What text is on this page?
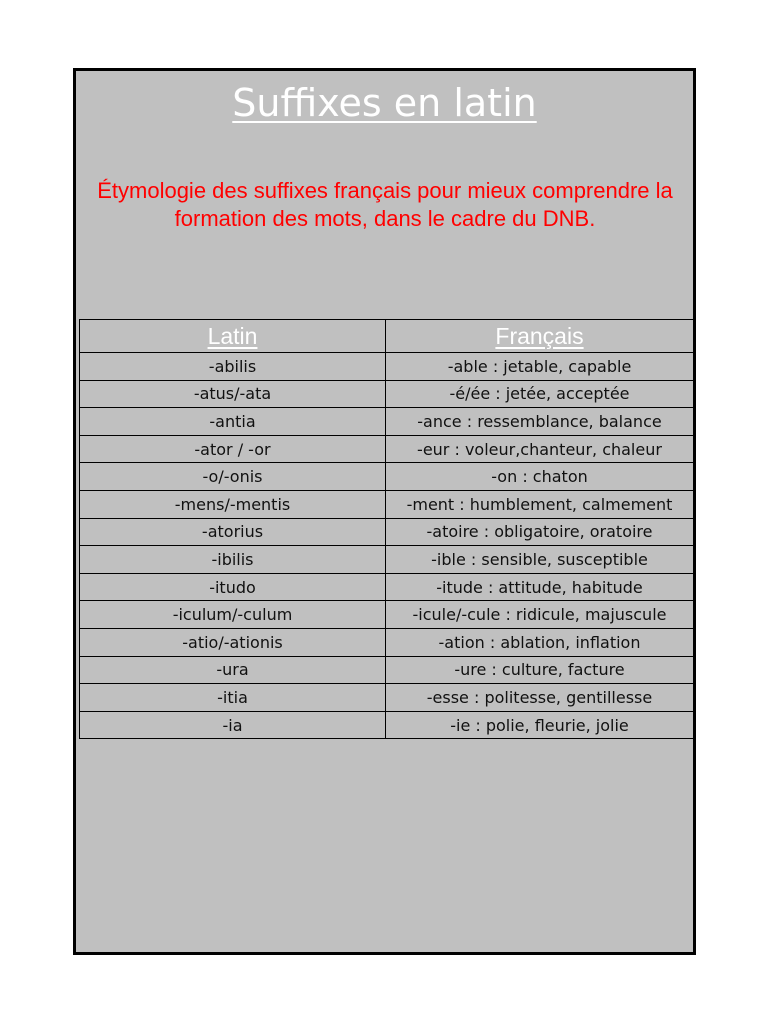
Suffixes en latin
Étymologie des suffixes français pour mieux comprendre la formation des mots, dans le cadre du DNB.
Latin	Français
-abilis	-able : jetable, capable
-atus/-ata	-é/ée : jetée, acceptée
-antia	-ance : ressemblance, balance
-ator / -or	-eur : voleur,chanteur, chaleur
-o/-onis	-on : chaton
-mens/-mentis	-ment : humblement, calmement
-atorius	-atoire : obligatoire, oratoire
-ibilis	-ible : sensible, susceptible
-itudo	-itude : attitude, habitude
-iculum/-culum	-icule/-cule : ridicule, majuscule
-atio/-ationis	-ation : ablation, inflation
-ura	-ure : culture, facture
-itia	-esse : politesse, gentillesse
-ia	-ie : polie, fleurie, jolie
